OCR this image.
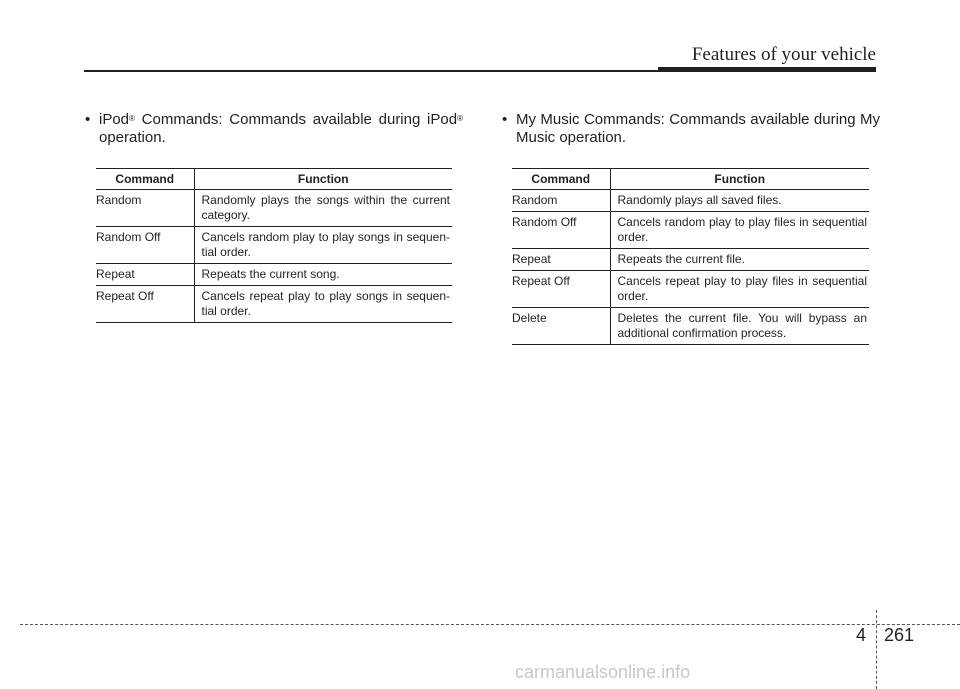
Features of your vehicle
• iPod® Commands: Commands available during iPod® operation.
Command	Function
Random	Randomly plays the songs within the current category.
Random Off	Cancels random play to play songs in sequen-tial order.
Repeat	Repeats the current song.
Repeat Off	Cancels repeat play to play songs in sequen-tial order.
• My Music Commands: Commands available during My Music operation.
Command	Function
Random	Randomly plays all saved files.
Random Off	Cancels random play to play files in sequential order.
Repeat	Repeats the current file.
Repeat Off	Cancels repeat play to play files in sequential order.
Delete	Deletes the current file. You will bypass an additional confirmation process.
4 261
carmanualsonline.info
